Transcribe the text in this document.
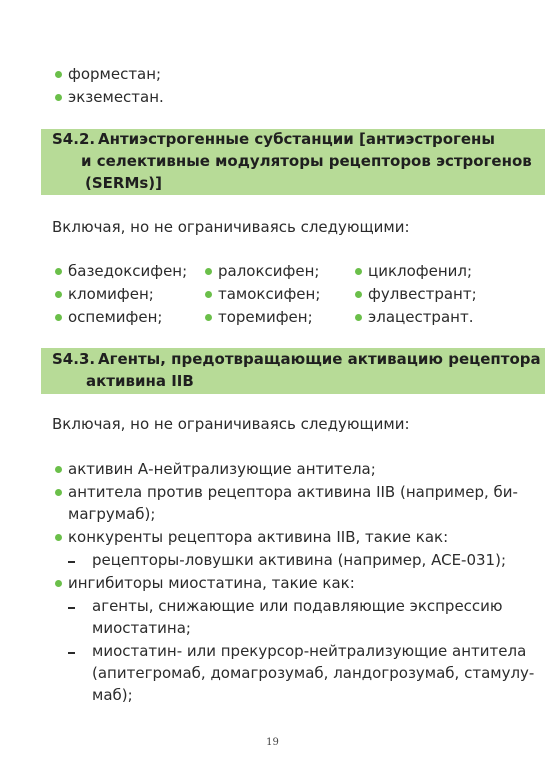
форместан;
экземестан.
S4.2. Антиэстрогенные субстанции [антиэстрогены
и селективные модуляторы рецепторов эстрогенов
(SERMs)]
Включая, но не ограничиваясь следующими:
базедоксифен;
кломифен;
оспемифен;
ралоксифен;
тамоксифен;
торемифен;
циклофенил;
фулвестрант;
элацестрант.
S4.3. Агенты, предотвращающие активацию рецептора
активина IIB
Включая, но не ограничиваясь следующими:
активин А-нейтрализующие антитела;
антитела против рецептора активина IIB (например, би-
магрумаб);
конкуренты рецептора активина IIB, такие как:
рецепторы-ловушки активина (например, ACE-031);
ингибиторы миостатина, такие как:
агенты, снижающие или подавляющие экспрессию
миостатина;
миостатин- или прекурсор-нейтрализующие антитела
(апитегромаб, домагрозумаб, ландогрозумаб, стамулу-
маб);
19
